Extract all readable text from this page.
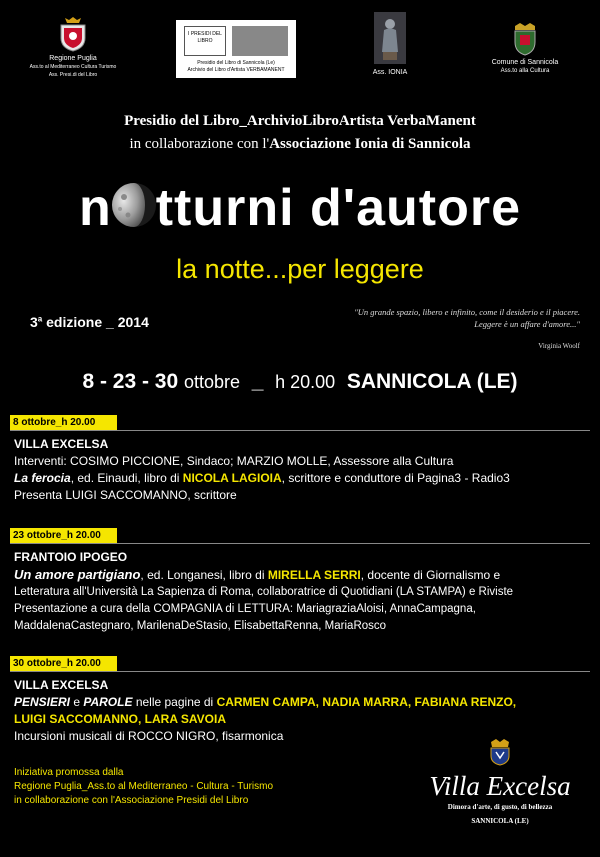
Regione Puglia
Ass.to al Mediterraneo Cultura Turismo
Ass. Presi.di del Libro
I PRESIDI DEL LIBRO
Presidio del Libro di Sannicola (Le)
Archivio del Libro d'Artista VERBAMANENT	Ass. IONIA
Comune di Sannicola
Ass.to alla Cultura
Presidio del Libro_ArchivioLibroArtista VerbaManent
in collaborazione con l'Associazione Ionia di Sannicola
n tturni d'autore
la notte...per leggere
3$^a$ edizione _ 2014
"Un grande spazio, libero e infinito, come il desiderio e il piacere.
Leggere è un affare d'amore..."
Virginia Woolf
8 - 23 - 30 ottobre _ h 20.00 SANNICOLA (LE)
8 ottobre_h 20.00
VILLA EXCELSA
Interventi: COSIMO PICCIONE, Sindaco; MARZIO MOLLE, Assessore alla Cultura
La ferocia, ed. Einaudi, libro di NICOLA LAGIOIA, scrittore e conduttore di Pagina3 - Radio3
Presenta LUIGI SACCOMANNO, scrittore
23 ottobre_h 20.00
FRANTOIO IPOGEO
Un amore partigiano, ed. Longanesi, libro di MIRELLA SERRI, docente di Giornalismo e
Letteratura all'Università La Sapienza di Roma, collaboratrice di Quotidiani (LA STAMPA) e Riviste
Presentazione a cura della COMPAGNIA di LETTURA: MariagraziaAloisi, AnnaCampagna,
MaddalenaCastegnaro, MarilenaDeStasio, ElisabettaRenna, MariaRosco
30 ottobre_h 20.00
VILLA EXCELSA
PENSIERI e PAROLE nelle pagine di CARMEN CAMPA, NADIA MARRA, FABIANA RENZO,
LUIGI SACCOMANNO, LARA SAVOIA
Incursioni musicali di ROCCO NIGRO, fisarmonica
Iniziativa promossa dalla
Regione Puglia_Ass.to al Mediterraneo - Cultura - Turismo
in collaborazione con l'Associazione Presidi del Libro	Villa Excelsa
Dimora d'arte, di gusto, di bellezza
SANNICOLA (LE)
